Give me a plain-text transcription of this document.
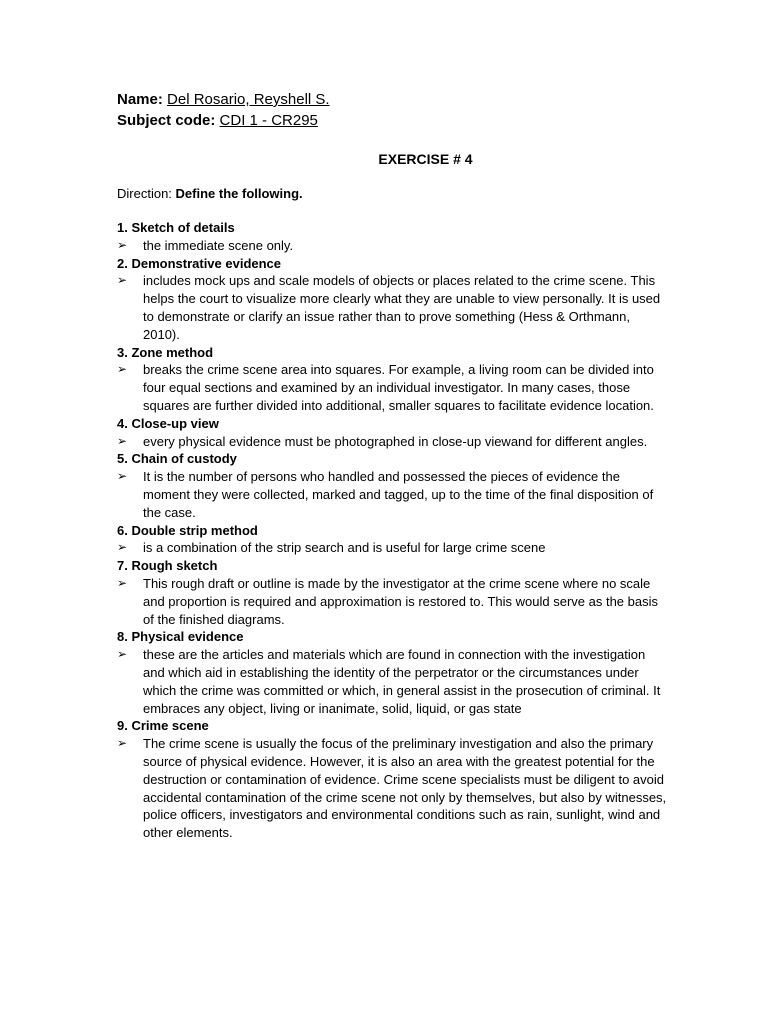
Name: Del Rosario, Reyshell S.
Subject code: CDI 1 - CR295
EXERCISE # 4
Direction: Define the following.
1. Sketch of details
➢ the immediate scene only.
2. Demonstrative evidence
➢ includes mock ups and scale models of objects or places related to the crime scene. This helps the court to visualize more clearly what they are unable to view personally. It is used to demonstrate or clarify an issue rather than to prove something (Hess & Orthmann, 2010).
3. Zone method
➢ breaks the crime scene area into squares. For example, a living room can be divided into four equal sections and examined by an individual investigator. In many cases, those squares are further divided into additional, smaller squares to facilitate evidence location.
4. Close-up view
➢ every physical evidence must be photographed in close-up viewand for different angles.
5. Chain of custody
➢ It is the number of persons who handled and possessed the pieces of evidence the moment they were collected, marked and tagged, up to the time of the final disposition of the case.
6. Double strip method
➢ is a combination of the strip search and is useful for large crime scene
7. Rough sketch
➢ This rough draft or outline is made by the investigator at the crime scene where no scale and proportion is required and approximation is restored to. This would serve as the basis of the finished diagrams.
8. Physical evidence
➢ these are the articles and materials which are found in connection with the investigation and which aid in establishing the identity of the perpetrator or the circumstances under which the crime was committed or which, in general assist in the prosecution of criminal. It embraces any object, living or inanimate, solid, liquid, or gas state
9. Crime scene
➢ The crime scene is usually the focus of the preliminary investigation and also the primary source of physical evidence. However, it is also an area with the greatest potential for the destruction or contamination of evidence. Crime scene specialists must be diligent to avoid accidental contamination of the crime scene not only by themselves, but also by witnesses, police officers, investigators and environmental conditions such as rain, sunlight, wind and other elements.
